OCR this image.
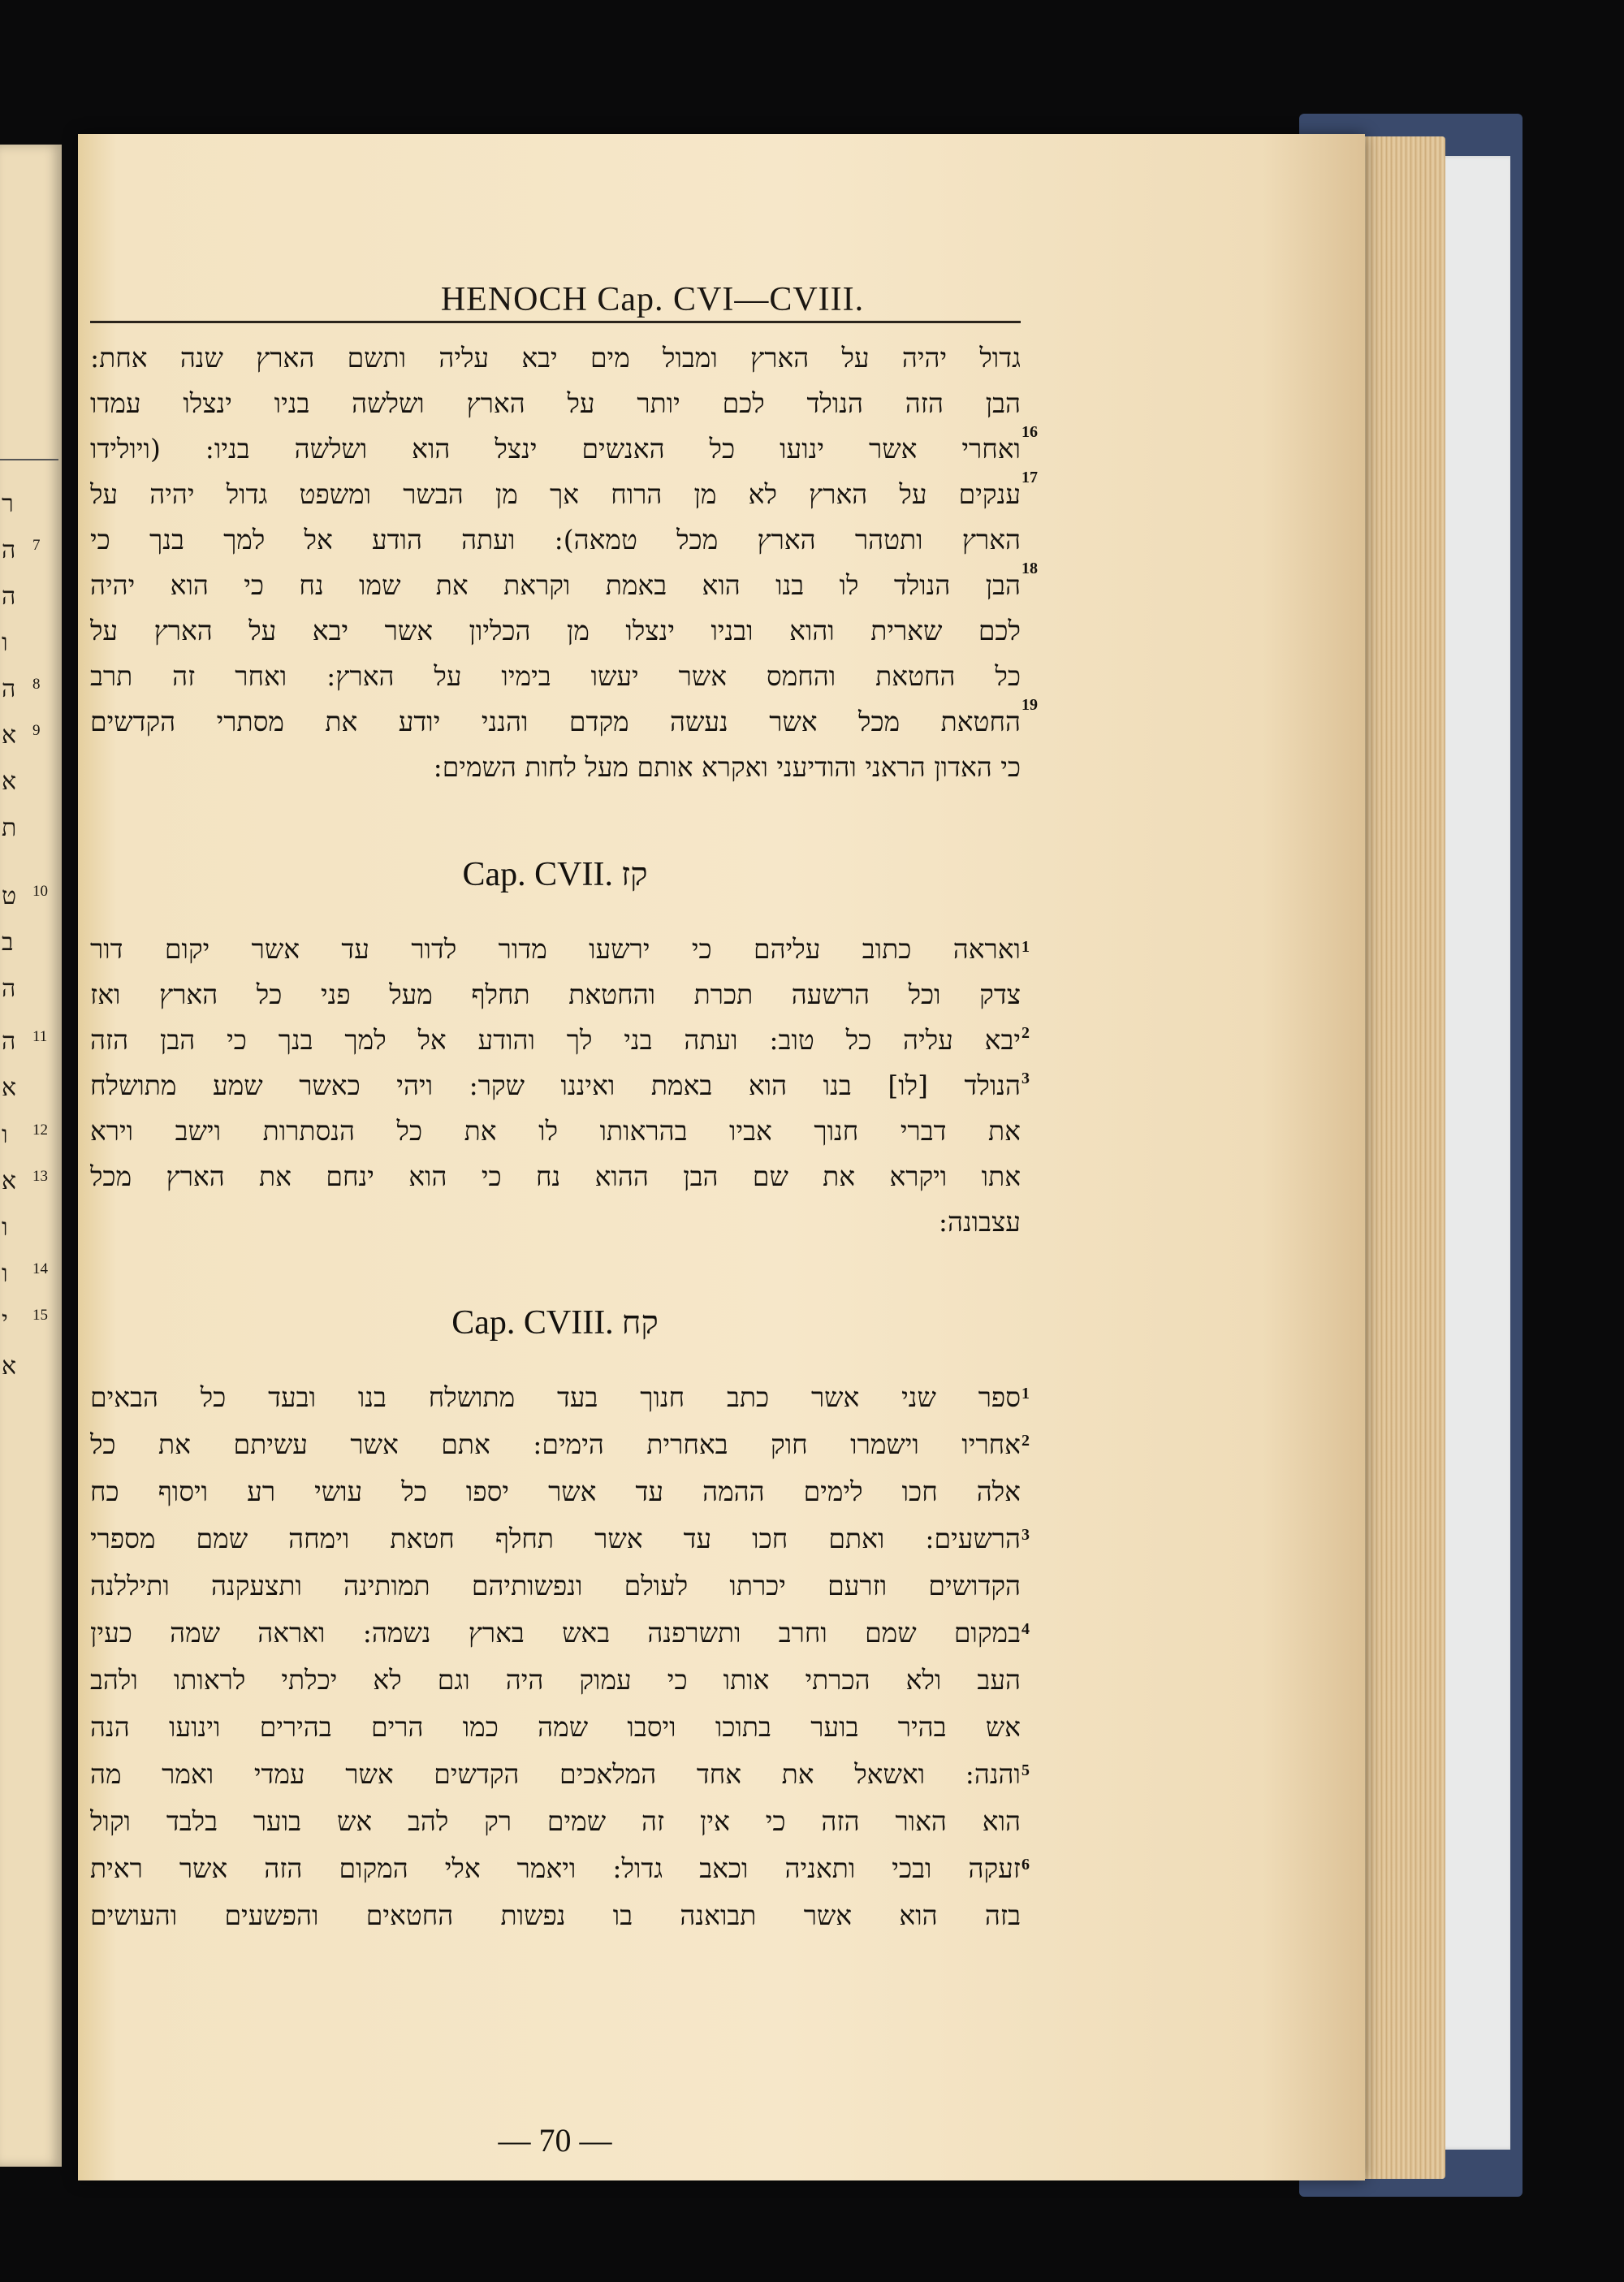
ר
ה 7
ה
ו
ה 8
א 9
א
ת
ט 10
ב
ה
ה 11
א
ו 12
א 13
ו
ו 14
י 15
א
HENOCH Cap. CVI—CVIII.
גדול יהיה על הארץ ומבול מים יבא עליה ותשם הארץ שנה אחת:
הבן הזה הנולד לכם יותר על הארץ ושלשה בניו ינצלו עמדו
16
ואחרי אשר ינועו כל האנשים ינצל הוא ושלשה בניו: (ויולידו
17
ענקים על הארץ לא מן הרוח אך מן הבשר ומשפט גדול יהיה על
הארץ ותטהר הארץ מכל טמאה): ועתה הודע אל למך בנך כי
18
הבן הנולד לו בנו הוא באמת וקראת את שמו נח כי הוא יהיה
לכם שארית והוא ובניו ינצלו מן הכליון אשר יבא על הארץ על
כל החטאת והחמס אשר יעשו בימיו על הארץ: ואחר זה תרב
19
החטאת מכל אשר נעשה מקדם והנני יודע את מסתרי הקדשים
כי האדון הראני והודיעני ואקרא אותם מעל לחות השמים:
Cap. CVII. קז
1
ואראה כתוב עליהם כי ירשעו מדור לדור עד אשר יקום דור
צדק וכל הרשעה תכרת והחטאת תחלף מעל פני כל הארץ ואז
2
יבא עליה כל טוב: ועתה בני לך והודע אל למך בנך כי הבן הזה
3
הנולד [לו] בנו הוא באמת ואיננו שקר: ויהי כאשר שמע מתושלח
את דברי חנוך אביו בהראותו לו את כל הנסתרות וישב וירא
אתו ויקרא את שם הבן ההוא נח כי הוא ינחם את הארץ מכל
עצבונה:
Cap. CVIII. קח
1
ספר שני אשר כתב חנוך בעד מתושלח בנו ובעד כל הבאים
2
אחריו וישמרו חוק באחרית הימים: אתם אשר עשיתם את כל
אלה חכו לימים ההמה עד אשר יספו כל עושי רע ויסוף כח
3
הרשעים: ואתם חכו עד אשר תחלף חטאת וימחה שמם מספרי
הקדושים וזרעם יכרתו לעולם ונפשותיהם תמותינה ותצעקנה ותיללנה
4
במקום שמם וחרב ותשרפנה באש בארץ נשמה: ואראה שמה כעין
העב ולא הכרתי אותו כי עמוק היה וגם לא יכלתי לראותו ולהב
אש בהיר בוער בתוכו ויסבו שמה כמו הרים בהירים וינועו הנה
5
והנה: ואשאל את אחד המלאכים הקדשים אשר עמדי ואמר מה
הוא האור הזה כי אין זה שמים רק להב אש בוער בלבד וקול
6
זעקה ובכי ותאניה וכאב גדול: ויאמר אלי המקום הזה אשר ראית
בזה הוא אשר תבואנה בו נפשות החטאים והפשעים והעושים
— 70 —
